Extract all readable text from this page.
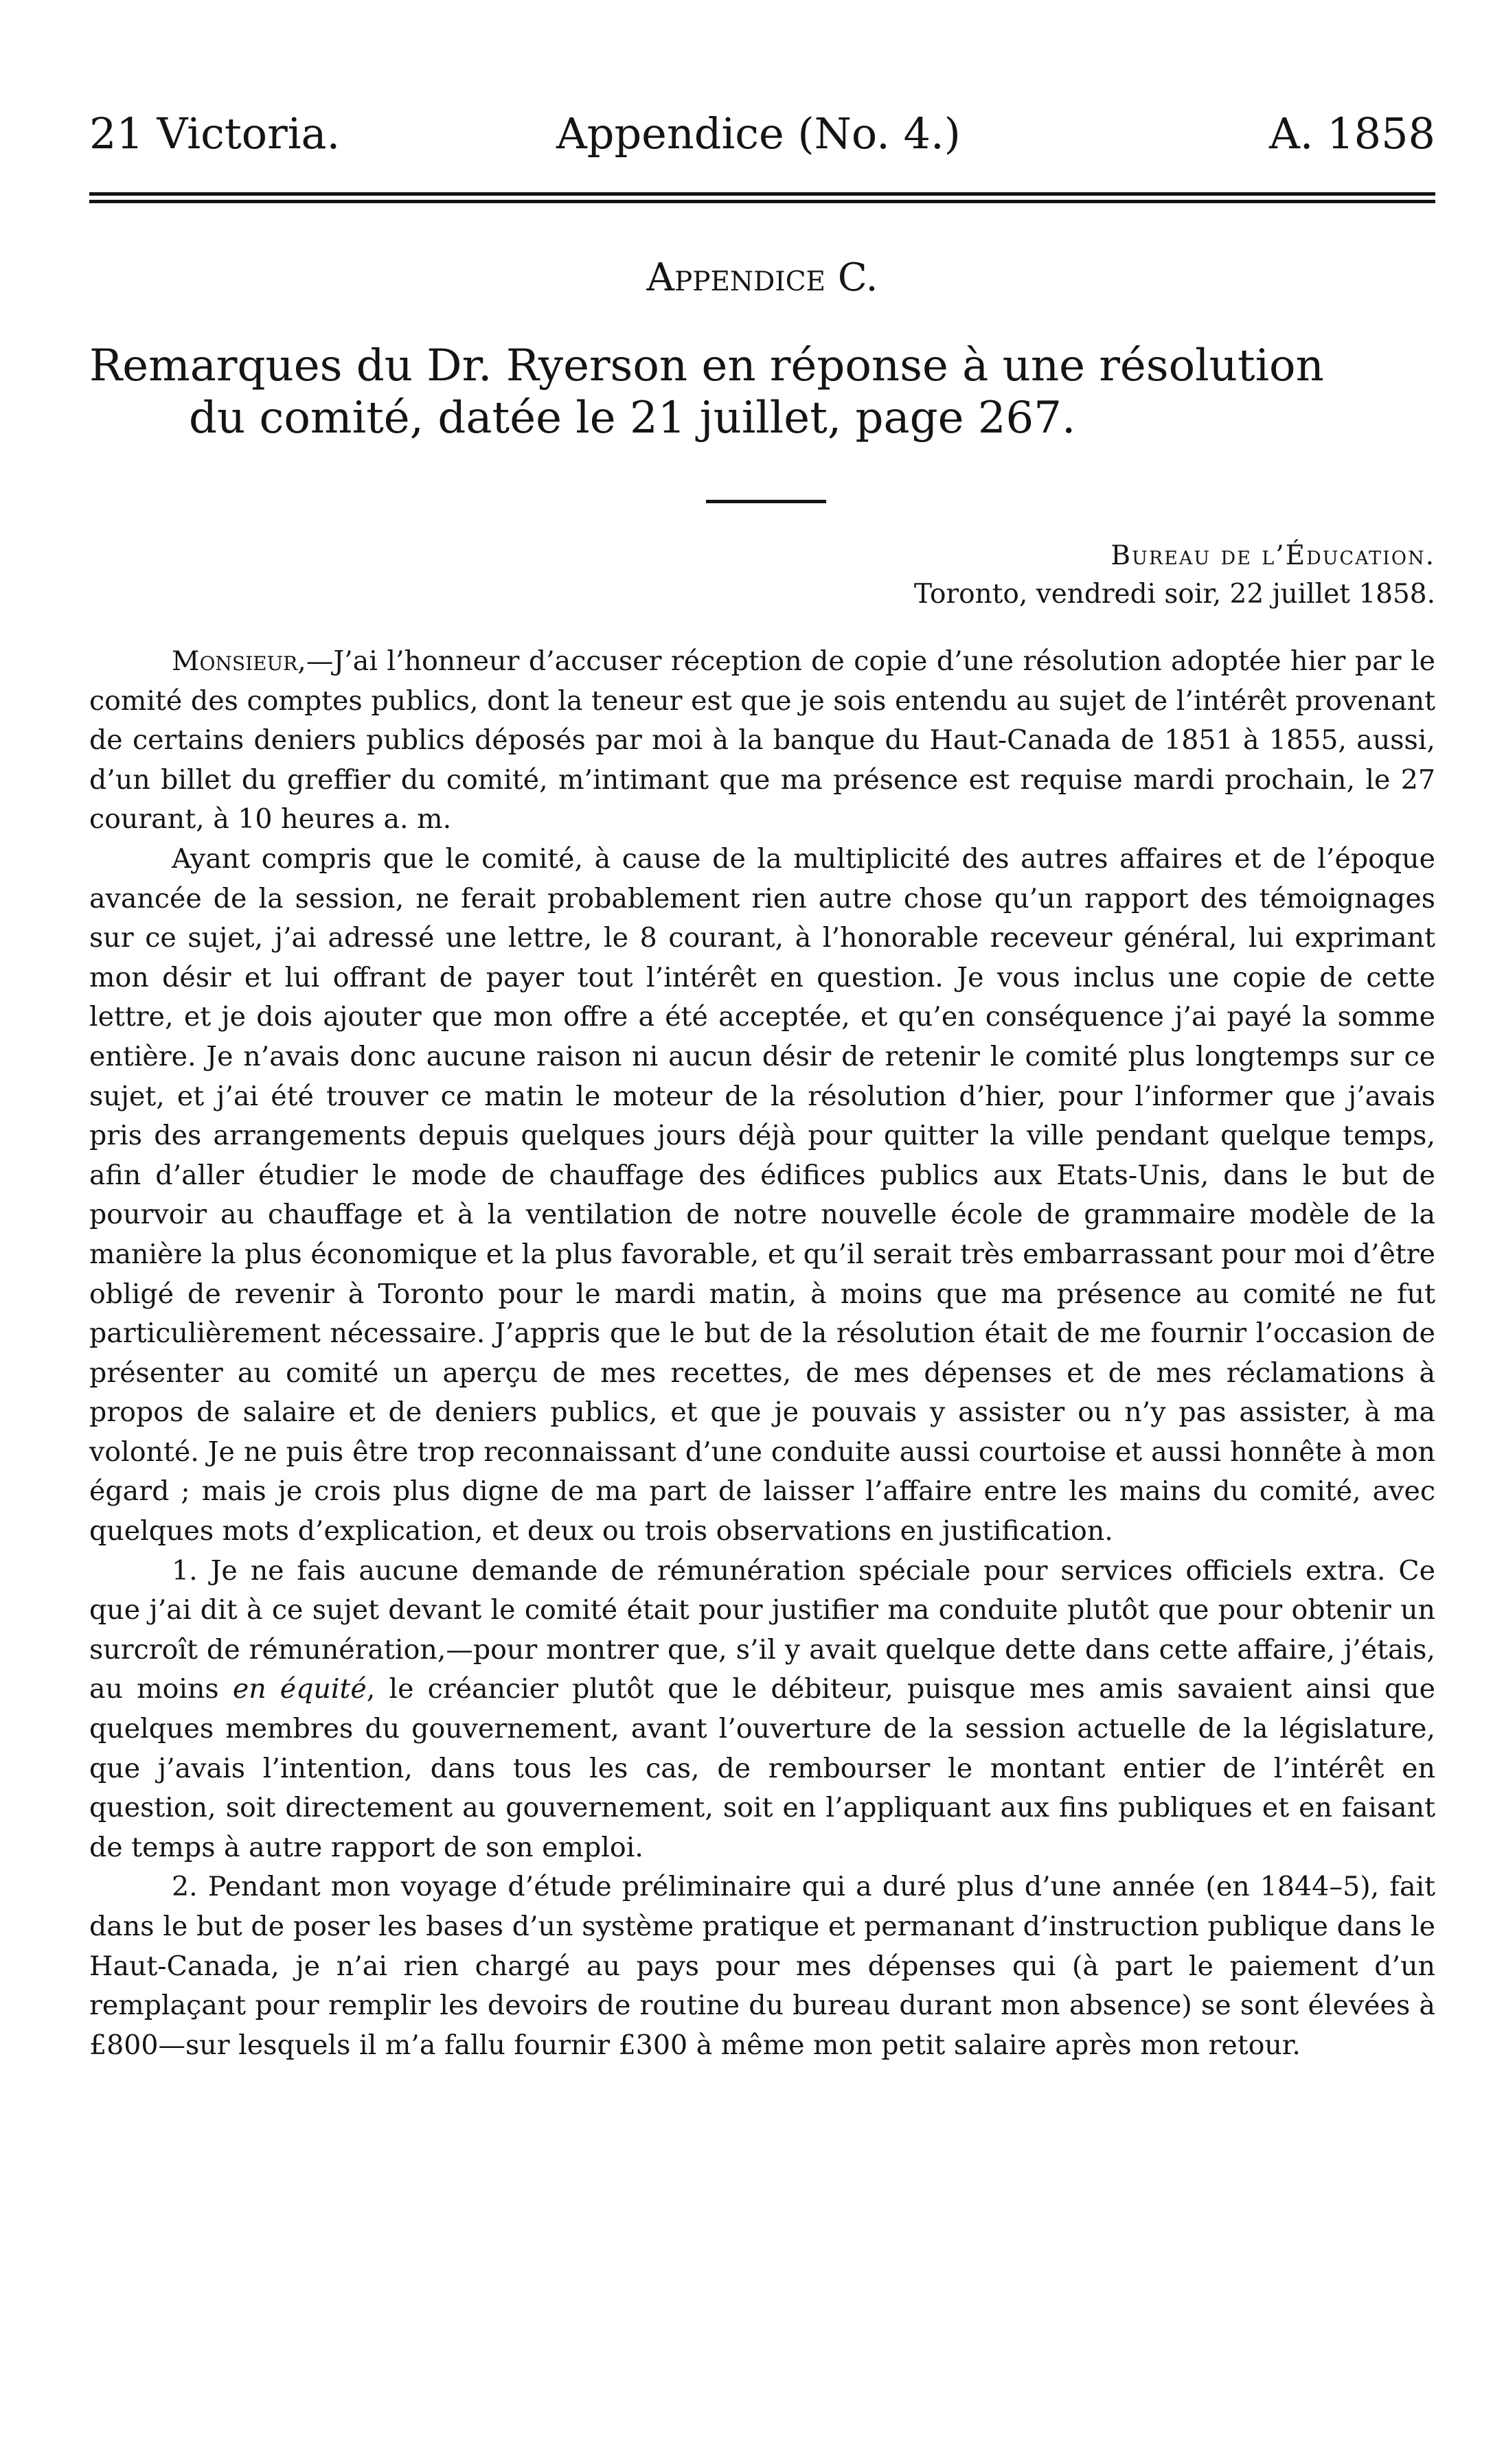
21 Victoria.	Appendice (No. 4.)	A. 1858
Appendice C.
Remarques du Dr. Ryerson en réponse à une résolution
du comité, datée le 21 juillet, page 267.
Bureau de l’Éducation.
Toronto, vendredi soir, 22 juillet 1858.

Monsieur,—J’ai l’honneur d’accuser réception de copie d’une résolution adoptée hier par le comité des comptes publics, dont la teneur est que je sois entendu au sujet de l’intérêt provenant de certains deniers publics déposés par moi à la banque du Haut-Canada de 1851 à 1855, aussi, d’un billet du greffier du comité, m’intimant que ma présence est requise mardi prochain, le 27 courant, à 10 heures a. m.

Ayant compris que le comité, à cause de la multiplicité des autres affaires et de l’époque avancée de la session, ne ferait probablement rien autre chose qu’un rapport des témoignages sur ce sujet, j’ai adressé une lettre, le 8 courant, à l’honorable receveur général, lui exprimant mon désir et lui offrant de payer tout l’intérêt en question. Je vous inclus une copie de cette lettre, et je dois ajouter que mon offre a été acceptée, et qu’en conséquence j’ai payé la somme entière. Je n’avais donc aucune raison ni aucun désir de retenir le comité plus longtemps sur ce sujet, et j’ai été trouver ce matin le moteur de la résolution d’hier, pour l’informer que j’avais pris des arrangements depuis quelques jours déjà pour quitter la ville pendant quelque temps, afin d’aller étudier le mode de chauffage des édifices publics aux Etats-Unis, dans le but de pourvoir au chauffage et à la ventilation de notre nouvelle école de grammaire modèle de la manière la plus économique et la plus favorable, et qu’il serait très embarrassant pour moi d’être obligé de revenir à Toronto pour le mardi matin, à moins que ma présence au comité ne fut particulièrement nécessaire. J’appris que le but de la résolution était de me fournir l’occasion de présenter au comité un aperçu de mes recettes, de mes dépenses et de mes réclamations à propos de salaire et de deniers publics, et que je pouvais y assister ou n’y pas assister, à ma volonté. Je ne puis être trop reconnaissant d’une conduite aussi courtoise et aussi honnête à mon égard ; mais je crois plus digne de ma part de laisser l’affaire entre les mains du comité, avec quelques mots d’explication, et deux ou trois observations en justification.

1. Je ne fais aucune demande de rémunération spéciale pour services officiels extra. Ce que j’ai dit à ce sujet devant le comité était pour justifier ma conduite plutôt que pour obtenir un surcroît de rémunération,—pour montrer que, s’il y avait quelque dette dans cette affaire, j’étais, au moins en équité, le créancier plutôt que le débiteur, puisque mes amis savaient ainsi que quelques membres du gouvernement, avant l’ouverture de la session actuelle de la législature, que j’avais l’intention, dans tous les cas, de rembourser le montant entier de l’intérêt en question, soit directement au gouvernement, soit en l’appliquant aux fins publiques et en faisant de temps à autre rapport de son emploi.

2. Pendant mon voyage d’étude préliminaire qui a duré plus d’une année (en 1844–5), fait dans le but de poser les bases d’un système pratique et permanant d’instruction publique dans le Haut-Canada, je n’ai rien chargé au pays pour mes dépenses qui (à part le paiement d’un remplaçant pour remplir les devoirs de routine du bureau durant mon absence) se sont élevées à £800—sur lesquels il m’a fallu fournir £300 à même mon petit salaire après mon retour.
